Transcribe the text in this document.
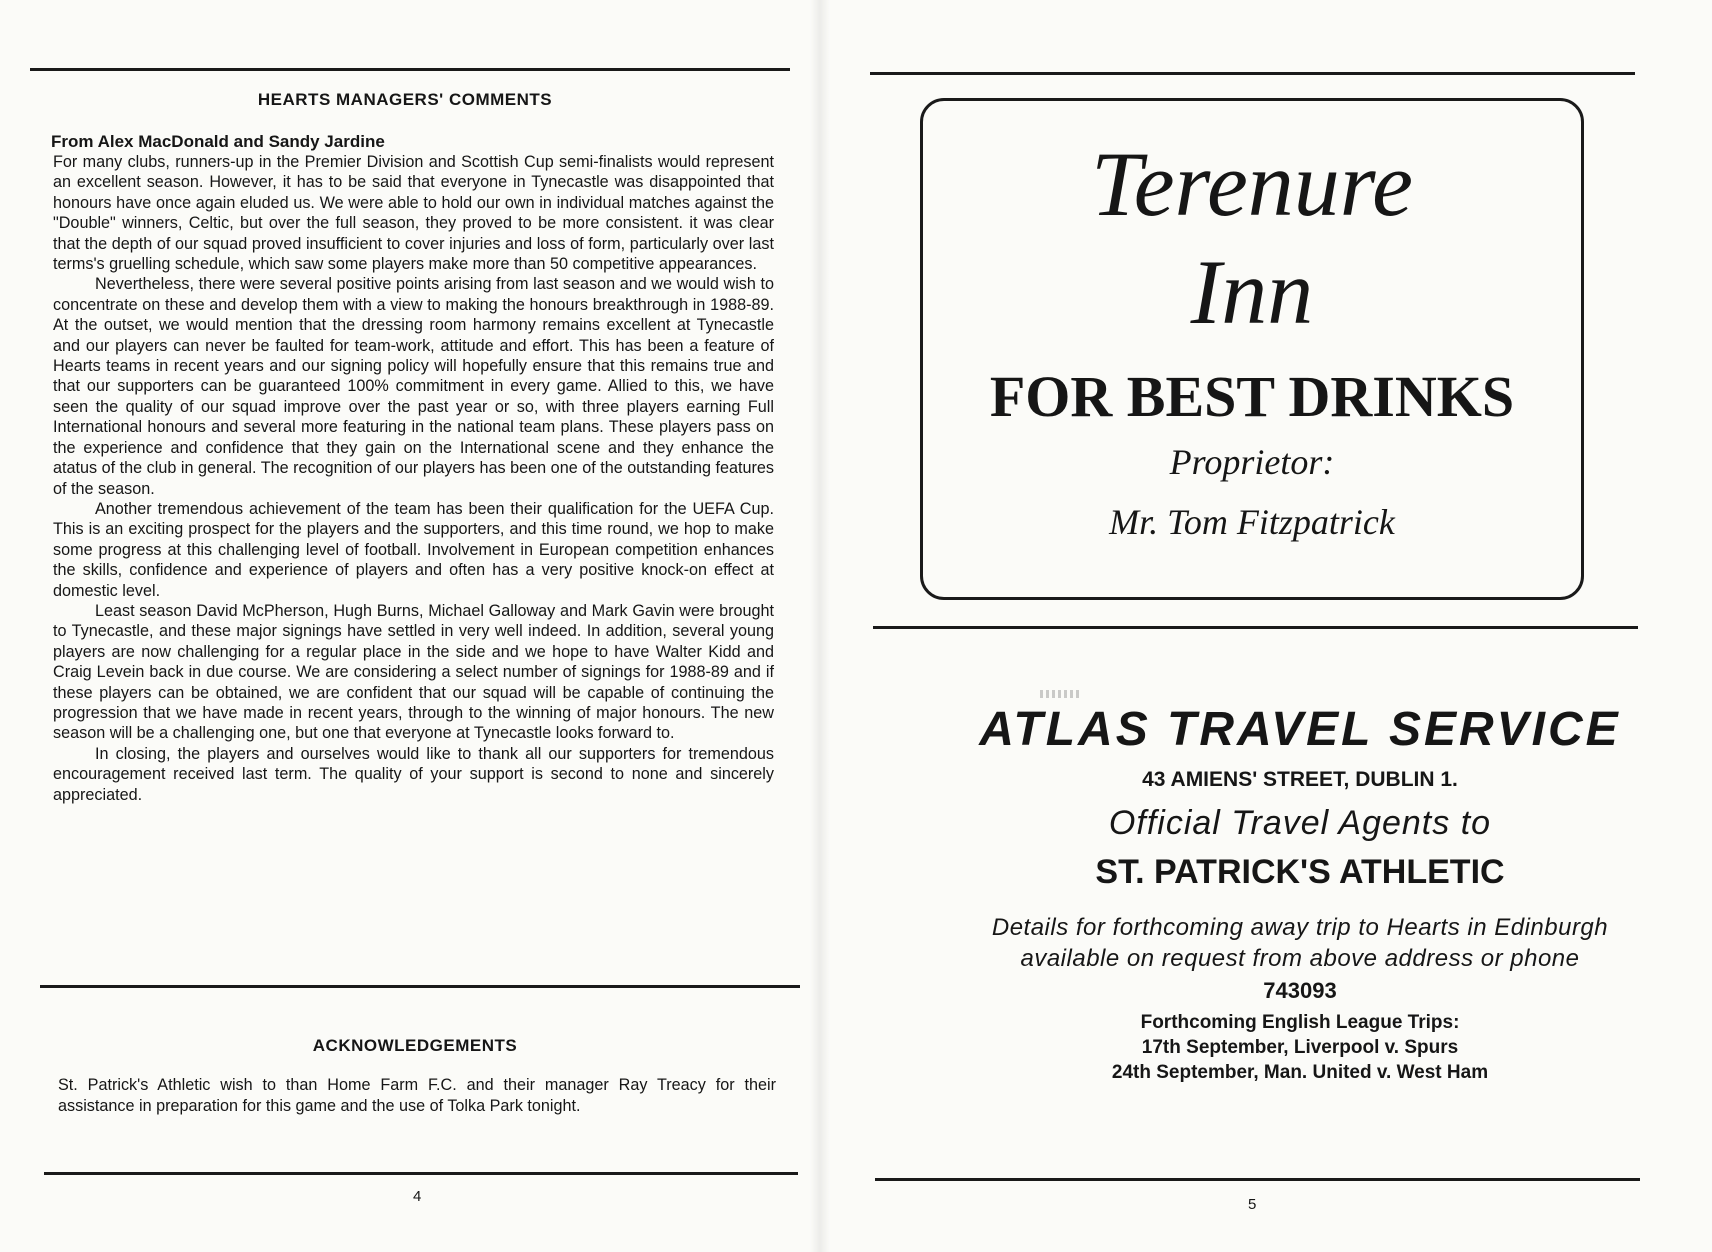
HEARTS MANAGERS' COMMENTS
From Alex MacDonald and Sandy Jardine

For many clubs, runners-up in the Premier Division and Scottish Cup semi-finalists would represent an excellent season. However, it has to be said that everyone in Tynecastle was disappointed that honours have once again eluded us. We were able to hold our own in individual matches against the "Double" winners, Celtic, but over the full season, they proved to be more consistent. it was clear that the depth of our squad proved insufficient to cover injuries and loss of form, particularly over last terms's gruelling schedule, which saw some players make more than 50 competitive appearances.

Nevertheless, there were several positive points arising from last season and we would wish to concentrate on these and develop them with a view to making the honours breakthrough in 1988-89. At the outset, we would mention that the dressing room harmony remains excellent at Tynecastle and our players can never be faulted for team-work, attitude and effort. This has been a feature of Hearts teams in recent years and our signing policy will hopefully ensure that this remains true and that our supporters can be guaranteed 100% commitment in every game. Allied to this, we have seen the quality of our squad improve over the past year or so, with three players earning Full International honours and several more featuring in the national team plans. These players pass on the experience and confidence that they gain on the International scene and they enhance the atatus of the club in general. The recognition of our players has been one of the outstanding features of the season.

Another tremendous achievement of the team has been their qualification for the UEFA Cup. This is an exciting prospect for the players and the supporters, and this time round, we hop to make some progress at this challenging level of football. Involvement in European competition enhances the skills, confidence and experience of players and often has a very positive knock-on effect at domestic level.

Least season David McPherson, Hugh Burns, Michael Galloway and Mark Gavin were brought to Tynecastle, and these major signings have settled in very well indeed. In addition, several young players are now challenging for a regular place in the side and we hope to have Walter Kidd and Craig Levein back in due course. We are considering a select number of signings for 1988-89 and if these players can be obtained, we are confident that our squad will be capable of continuing the progression that we have made in recent years, through to the winning of major honours. The new season will be a challenging one, but one that everyone at Tynecastle looks forward to.

In closing, the players and ourselves would like to thank all our supporters for tremendous encouragement received last term. The quality of your support is second to none and sincerely appreciated.

ACKNOWLEDGEMENTS
St. Patrick's Athletic wish to than Home Farm F.C. and their manager Ray Treacy for their assistance in preparation for this game and the use of Tolka Park tonight.
4
Terenure
Inn
FOR BEST DRINKS
Proprietor:
Mr. Tom Fitzpatrick
ATLAS TRAVEL SERVICE
43 AMIENS' STREET, DUBLIN 1.
Official Travel Agents to
ST. PATRICK'S ATHLETIC
Details for forthcoming away trip to Hearts in Edinburgh
available on request from above address or phone
743093
Forthcoming English League Trips:
17th September, Liverpool v. Spurs
24th September, Man. United v. West Ham
5
